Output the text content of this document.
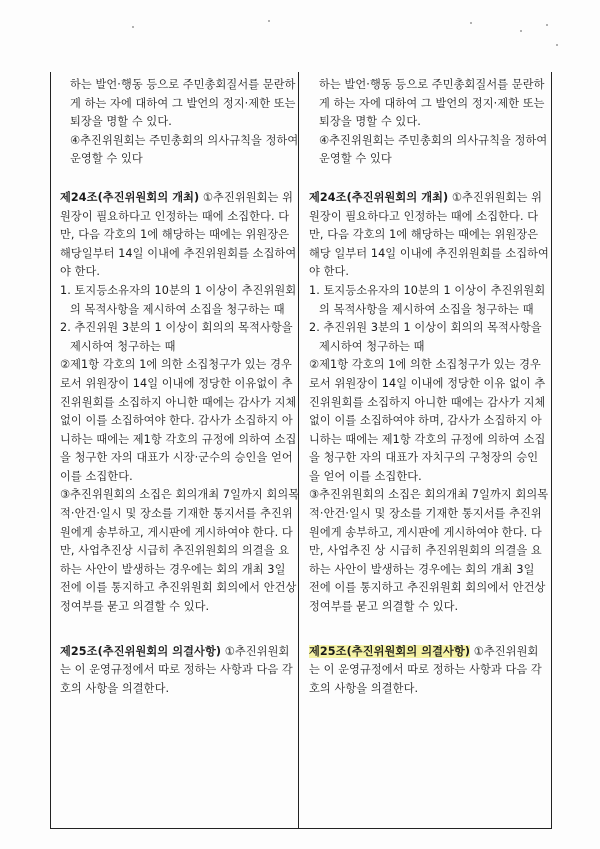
하는 발언·행동 등으로 주민총회질서를 문란하게 하는 자에 대하여 그 발언의 정지·제한 또는 퇴장을 명할 수 있다.

④추진위원회는 주민총회의 의사규칙을 정하여 운영할 수 있다

제24조(추진위원회의 개최) ①추진위원회는 위원장이 필요하다고 인정하는 때에 소집한다. 다만, 다음 각호의 1에 해당하는 때에는 위원장은 해당일부터 14일 이내에 추진위원회를 소집하여야 한다.

1. 토지등소유자의 10분의 1 이상이 추진위원회의 목적사항을 제시하여 소집을 청구하는 때

2. 추진위원 3분의 1 이상이 회의의 목적사항을 제시하여 청구하는 때

②제1항 각호의 1에 의한 소집청구가 있는 경우로서 위원장이 14일 이내에 정당한 이유없이 추진위원회를 소집하지 아니한 때에는 감사가 지체없이 이를 소집하여야 한다. 감사가 소집하지 아니하는 때에는 제1항 각호의 규정에 의하여 소집을 청구한 자의 대표가 시장·군수의 승인을 얻어 이를 소집한다.

③추진위원회의 소집은 회의개최 7일까지 회의목적·안건·일시 및 장소를 기재한 통지서를 추진위원에게 송부하고, 게시판에 게시하여야 한다. 다만, 사업추진상 시급히 추진위원회의 의결을 요하는 사안이 발생하는 경우에는 회의 개최 3일 전에 이를 통지하고 추진위원회 회의에서 안건상정여부를 묻고 의결할 수 있다.

제25조(추진위원회의 의결사항) ①추진위원회는 이 운영규정에서 따로 정하는 사항과 다음 각호의 사항을 의결한다.

하는 발언·행동 등으로 주민총회질서를 문란하게 하는 자에 대하여 그 발언의 정지·제한 또는 퇴장을 명할 수 있다.

④추진위원회는 주민총회의 의사규칙을 정하여 운영할 수 있다

제24조(추진위원회의 개최) ①추진위원회는 위원장이 필요하다고 인정하는 때에 소집한다. 다만, 다음 각호의 1에 해당하는 때에는 위원장은 해당 일부터 14일 이내에 추진위원회를 소집하여야 한다.

1. 토지등소유자의 10분의 1 이상이 추진위원회의 목적사항을 제시하여 소집을 청구하는 때

2. 추진위원 3분의 1 이상이 회의의 목적사항을 제시하여 청구하는 때

②제1항 각호의 1에 의한 소집청구가 있는 경우로서 위원장이 14일 이내에 정당한 이유 없이 추진위원회를 소집하지 아니한 때에는 감사가 지체 없이 이를 소집하여야 하며, 감사가 소집하지 아니하는 때에는 제1항 각호의 규정에 의하여 소집을 청구한 자의 대표가 자치구의 구청장의 승인을 얻어 이를 소집한다.

③추진위원회의 소집은 회의개최 7일까지 회의목적·안건·일시 및 장소를 기재한 통지서를 추진위원에게 송부하고, 게시판에 게시하여야 한다. 다만, 사업추진 상 시급히 추진위원회의 의결을 요하는 사안이 발생하는 경우에는 회의 개최 3일 전에 이를 통지하고 추진위원회 회의에서 안건상정여부를 묻고 의결할 수 있다.

제25조(추진위원회의 의결사항) ①추진위원회는 이 운영규정에서 따로 정하는 사항과 다음 각호의 사항을 의결한다.
